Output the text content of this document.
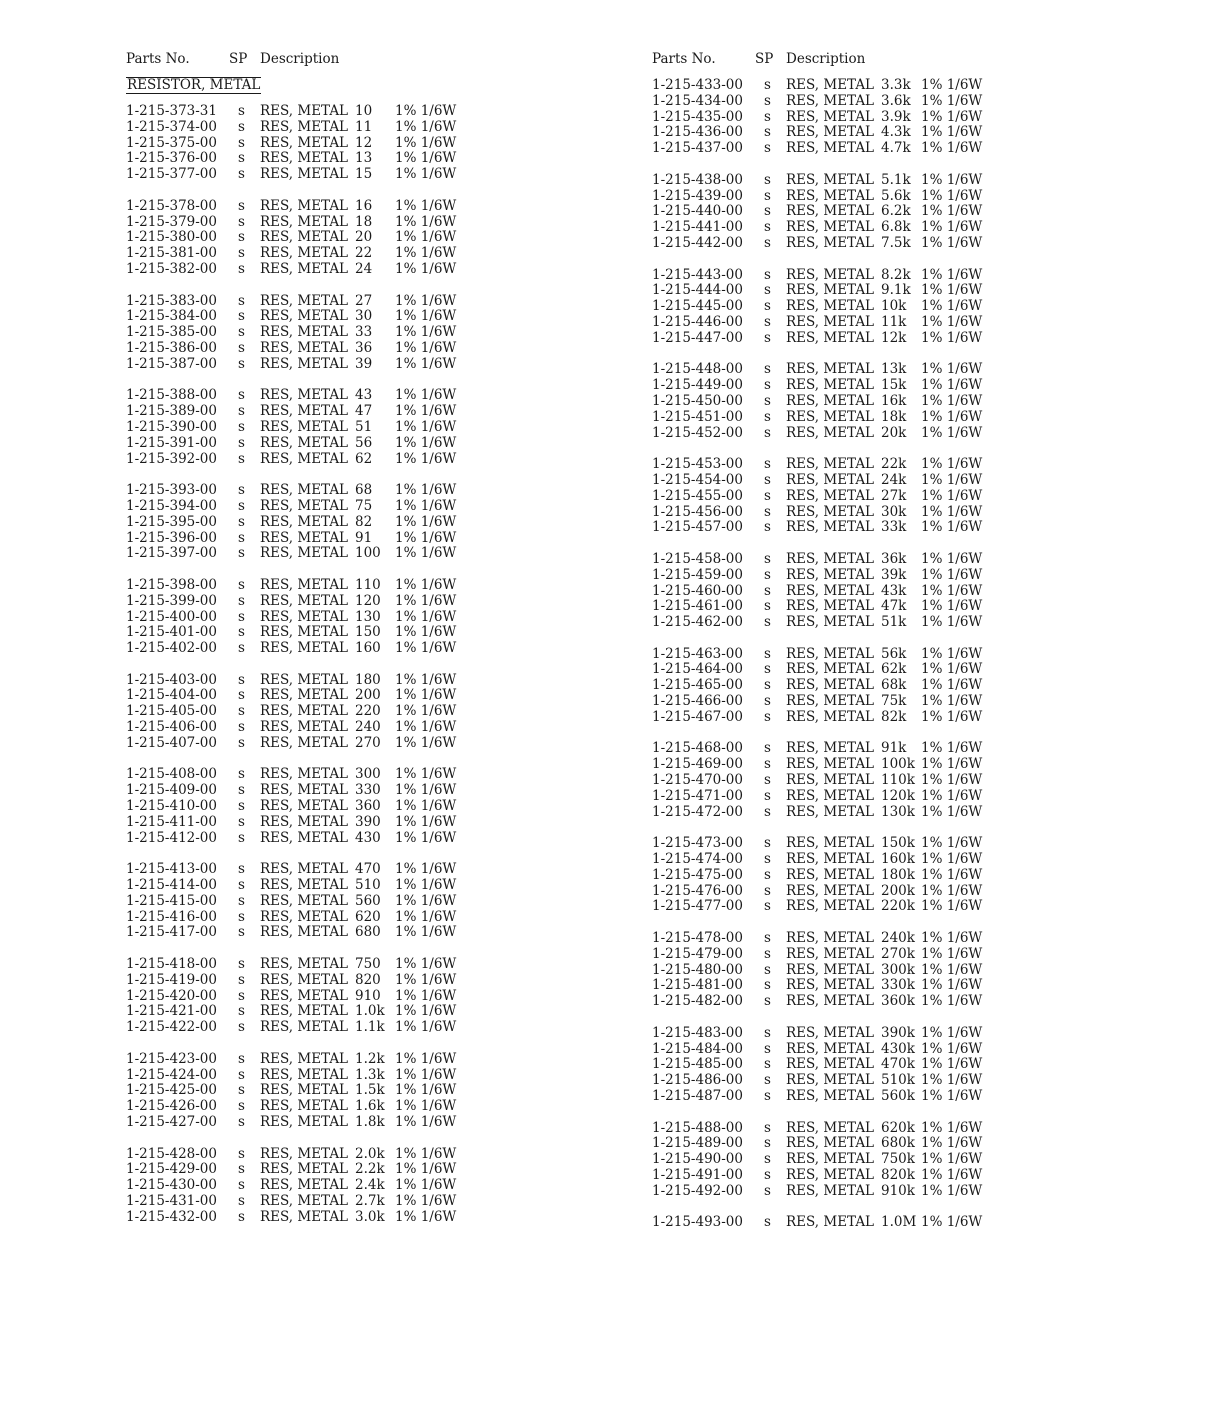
Parts No.	SP Description
RESISTOR, METAL
1-215-373-31	s	RES, METAL 10	1% 1/6W
1-215-374-00	s	RES, METAL 11	1% 1/6W
1-215-375-00	s	RES, METAL 12	1% 1/6W
1-215-376-00	s	RES, METAL 13	1% 1/6W
1-215-377-00	s	RES, METAL 15	1% 1/6W
1-215-378-00	s	RES, METAL 16	1% 1/6W
1-215-379-00	s	RES, METAL 18	1% 1/6W
1-215-380-00	s	RES, METAL 20	1% 1/6W
1-215-381-00	s	RES, METAL 22	1% 1/6W
1-215-382-00	s	RES, METAL 24	1% 1/6W
1-215-383-00	s	RES, METAL 27	1% 1/6W
1-215-384-00	s	RES, METAL 30	1% 1/6W
1-215-385-00	s	RES, METAL 33	1% 1/6W
1-215-386-00	s	RES, METAL 36	1% 1/6W
1-215-387-00	s	RES, METAL 39	1% 1/6W
1-215-388-00	s	RES, METAL 43	1% 1/6W
1-215-389-00	s	RES, METAL 47	1% 1/6W
1-215-390-00	s	RES, METAL 51	1% 1/6W
1-215-391-00	s	RES, METAL 56	1% 1/6W
1-215-392-00	s	RES, METAL 62	1% 1/6W
1-215-393-00	s	RES, METAL 68	1% 1/6W
1-215-394-00	s	RES, METAL 75	1% 1/6W
1-215-395-00	s	RES, METAL 82	1% 1/6W
1-215-396-00	s	RES, METAL 91	1% 1/6W
1-215-397-00	s	RES, METAL 100	1% 1/6W
1-215-398-00	s	RES, METAL 110	1% 1/6W
1-215-399-00	s	RES, METAL 120	1% 1/6W
1-215-400-00	s	RES, METAL 130	1% 1/6W
1-215-401-00	s	RES, METAL 150	1% 1/6W
1-215-402-00	s	RES, METAL 160	1% 1/6W
1-215-403-00	s	RES, METAL 180	1% 1/6W
1-215-404-00	s	RES, METAL 200	1% 1/6W
1-215-405-00	s	RES, METAL 220	1% 1/6W
1-215-406-00	s	RES, METAL 240	1% 1/6W
1-215-407-00	s	RES, METAL 270	1% 1/6W
1-215-408-00	s	RES, METAL 300	1% 1/6W
1-215-409-00	s	RES, METAL 330	1% 1/6W
1-215-410-00	s	RES, METAL 360	1% 1/6W
1-215-411-00	s	RES, METAL 390	1% 1/6W
1-215-412-00	s	RES, METAL 430	1% 1/6W
1-215-413-00	s	RES, METAL 470	1% 1/6W
1-215-414-00	s	RES, METAL 510	1% 1/6W
1-215-415-00	s	RES, METAL 560	1% 1/6W
1-215-416-00	s	RES, METAL 620	1% 1/6W
1-215-417-00	s	RES, METAL 680	1% 1/6W
1-215-418-00	s	RES, METAL 750	1% 1/6W
1-215-419-00	s	RES, METAL 820	1% 1/6W
1-215-420-00	s	RES, METAL 910	1% 1/6W
1-215-421-00	s	RES, METAL 1.0k 1% 1/6W
1-215-422-00	s	RES, METAL 1.1k 1% 1/6W
1-215-423-00	s	RES, METAL 1.2k 1% 1/6W
1-215-424-00	s	RES, METAL 1.3k 1% 1/6W
1-215-425-00	s	RES, METAL 1.5k 1% 1/6W
1-215-426-00	s	RES, METAL 1.6k 1% 1/6W
1-215-427-00	s	RES, METAL 1.8k 1% 1/6W
1-215-428-00	s	RES, METAL 2.0k 1% 1/6W
1-215-429-00	s	RES, METAL 2.2k 1% 1/6W
1-215-430-00	s	RES, METAL 2.4k 1% 1/6W
1-215-431-00	s	RES, METAL 2.7k 1% 1/6W
1-215-432-00	s	RES, METAL 3.0k 1% 1/6W
Parts No.	SP Description
1-215-433-00	s	RES, METAL 3.3k 1% 1/6W
1-215-434-00	s	RES, METAL 3.6k 1% 1/6W
1-215-435-00	s	RES, METAL 3.9k 1% 1/6W
1-215-436-00	s	RES, METAL 4.3k 1% 1/6W
1-215-437-00	s	RES, METAL 4.7k 1% 1/6W
1-215-438-00	s	RES, METAL 5.1k 1% 1/6W
1-215-439-00	s	RES, METAL 5.6k 1% 1/6W
1-215-440-00	s	RES, METAL 6.2k 1% 1/6W
1-215-441-00	s	RES, METAL 6.8k 1% 1/6W
1-215-442-00	s	RES, METAL 7.5k 1% 1/6W
1-215-443-00	s	RES, METAL 8.2k 1% 1/6W
1-215-444-00	s	RES, METAL 9.1k 1% 1/6W
1-215-445-00	s	RES, METAL 10k	1% 1/6W
1-215-446-00	s	RES, METAL 11k	1% 1/6W
1-215-447-00	s	RES, METAL 12k	1% 1/6W
1-215-448-00	s	RES, METAL 13k	1% 1/6W
1-215-449-00	s	RES, METAL 15k	1% 1/6W
1-215-450-00	s	RES, METAL 16k	1% 1/6W
1-215-451-00	s	RES, METAL 18k	1% 1/6W
1-215-452-00	s	RES, METAL 20k	1% 1/6W
1-215-453-00	s	RES, METAL 22k	1% 1/6W
1-215-454-00	s	RES, METAL 24k	1% 1/6W
1-215-455-00	s	RES, METAL 27k	1% 1/6W
1-215-456-00	s	RES, METAL 30k	1% 1/6W
1-215-457-00	s	RES, METAL 33k	1% 1/6W
1-215-458-00	s	RES, METAL 36k	1% 1/6W
1-215-459-00	s	RES, METAL 39k	1% 1/6W
1-215-460-00	s	RES, METAL 43k	1% 1/6W
1-215-461-00	s	RES, METAL 47k	1% 1/6W
1-215-462-00	s	RES, METAL 51k	1% 1/6W
1-215-463-00	s	RES, METAL 56k	1% 1/6W
1-215-464-00	s	RES, METAL 62k	1% 1/6W
1-215-465-00	s	RES, METAL 68k	1% 1/6W
1-215-466-00	s	RES, METAL 75k	1% 1/6W
1-215-467-00	s	RES, METAL 82k	1% 1/6W
1-215-468-00	s	RES, METAL 91k	1% 1/6W
1-215-469-00	s	RES, METAL 100k 1% 1/6W
1-215-470-00	s	RES, METAL 110k 1% 1/6W
1-215-471-00	s	RES, METAL 120k 1% 1/6W
1-215-472-00	s	RES, METAL 130k 1% 1/6W
1-215-473-00	s	RES, METAL 150k 1% 1/6W
1-215-474-00	s	RES, METAL 160k 1% 1/6W
1-215-475-00	s	RES, METAL 180k 1% 1/6W
1-215-476-00	s	RES, METAL 200k 1% 1/6W
1-215-477-00	s	RES, METAL 220k 1% 1/6W
1-215-478-00	s	RES, METAL 240k 1% 1/6W
1-215-479-00	s	RES, METAL 270k 1% 1/6W
1-215-480-00	s	RES, METAL 300k 1% 1/6W
1-215-481-00	s	RES, METAL 330k 1% 1/6W
1-215-482-00	s	RES, METAL 360k 1% 1/6W
1-215-483-00	s	RES, METAL 390k 1% 1/6W
1-215-484-00	s	RES, METAL 430k 1% 1/6W
1-215-485-00	s	RES, METAL 470k 1% 1/6W
1-215-486-00	s	RES, METAL 510k 1% 1/6W
1-215-487-00	s	RES, METAL 560k 1% 1/6W
1-215-488-00	s	RES, METAL 620k 1% 1/6W
1-215-489-00	s	RES, METAL 680k 1% 1/6W
1-215-490-00	s	RES, METAL 750k 1% 1/6W
1-215-491-00	s	RES, METAL 820k 1% 1/6W
1-215-492-00	s	RES, METAL 910k 1% 1/6W
1-215-493-00	s	RES, METAL 1.0M 1% 1/6W
